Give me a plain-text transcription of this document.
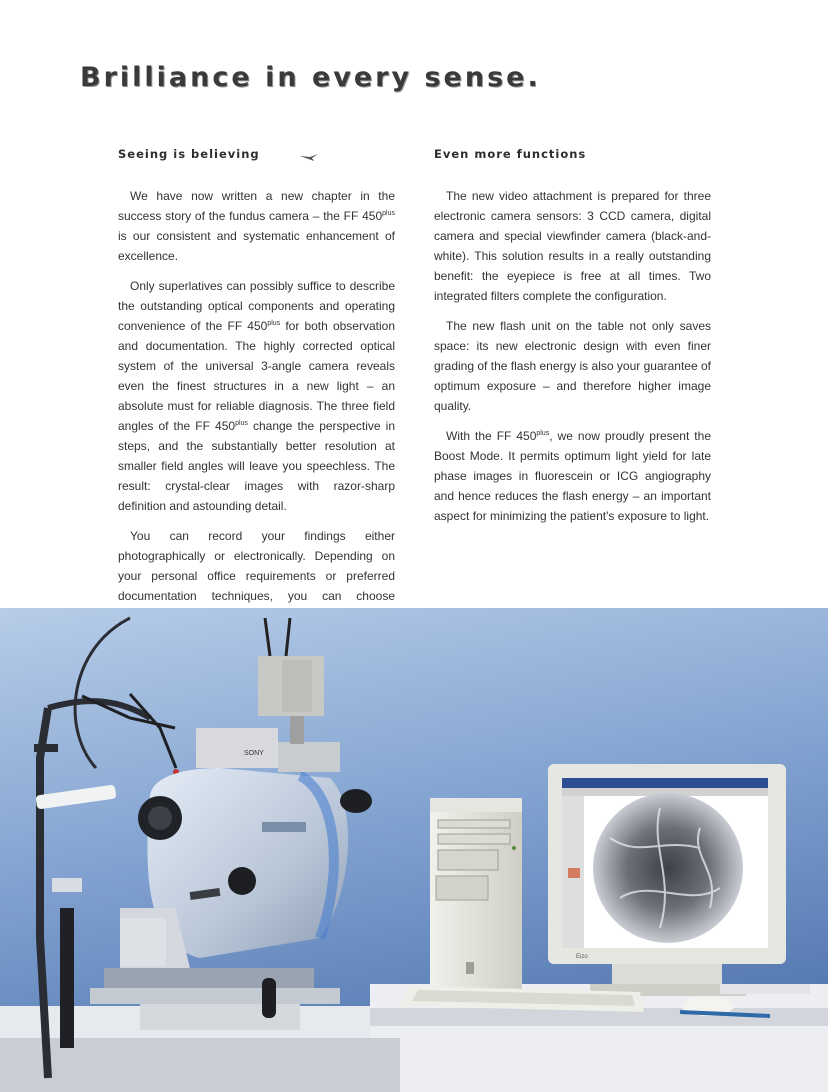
Brilliance in every sense.
Seeing is believing

We have now written a new chapter in the success story of the fundus camera – the FF $450^{plus}$ is our consistent and systematic enhancement of excellence.

Only superlatives can possibly suffice to describe the outstanding optical components and operating convenience of the FF $450^{plus}$ for both observation and documentation. The highly corrected optical system of the universal 3-angle camera reveals even the finest structures in a new light – an absolute must for reliable diagnosis. The three field angles of the FF $450^{plus}$ change the perspective in steps, and the substantially better resolution at smaller field angles will leave you speechless. The result: crystal-clear images with razor-sharp definition and astounding detail.

You can record your findings either photographically or electronically. Depending on your personal office requirements or preferred documentation techniques, you can choose

Even more functions

The new video attachment is prepared for three electronic camera sensors: 3 CCD camera, digital camera and special viewfinder camera (black-and-white). This solution results in a really outstanding benefit: the eyepiece is free at all times. Two integrated filters complete the configuration.

The new flash unit on the table not only saves space: its new electronic design with even finer grading of the flash energy is also your guarantee of optimum exposure – and therefore higher image quality.

With the FF $450^{plus}$, we now proudly present the Boost Mode. It permits optimum light yield for late phase images in fluorescein or ICG angiography and hence reduces the flash energy – an important aspect for minimizing the patient's exposure to light.

SONY
Eizo
